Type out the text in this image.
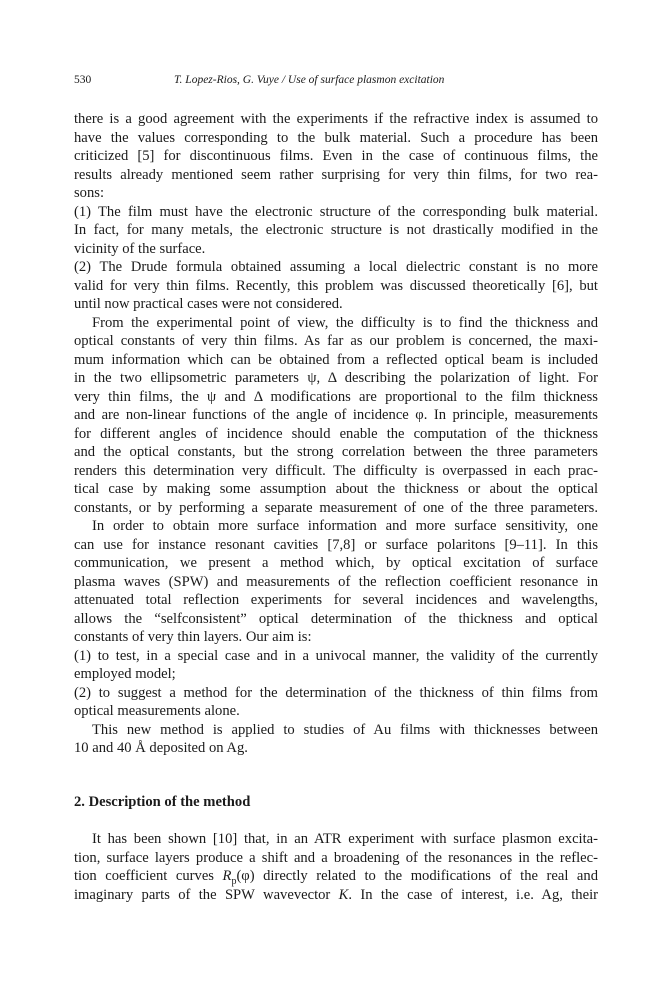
530	T. Lopez-Rios, G. Vuye / Use of surface plasmon excitation
there is a good agreement with the experiments if the refractive index is assumed to
have the values corresponding to the bulk material. Such a procedure has been
criticized [5] for discontinuous films. Even in the case of continuous films, the
results already mentioned seem rather surprising for very thin films, for two rea-
sons:
(1) The film must have the electronic structure of the corresponding bulk material.
In fact, for many metals, the electronic structure is not drastically modified in the
vicinity of the surface.
(2) The Drude formula obtained assuming a local dielectric constant is no more
valid for very thin films. Recently, this problem was discussed theoretically [6], but
until now practical cases were not considered.
From the experimental point of view, the difficulty is to find the thickness and
optical constants of very thin films. As far as our problem is concerned, the maxi-
mum information which can be obtained from a reflected optical beam is included
in the two ellipsometric parameters ψ, Δ describing the polarization of light. For
very thin films, the ψ and Δ modifications are proportional to the film thickness
and are non-linear functions of the angle of incidence φ. In principle, measurements
for different angles of incidence should enable the computation of the thickness
and the optical constants, but the strong correlation between the three parameters
renders this determination very difficult. The difficulty is overpassed in each prac-
tical case by making some assumption about the thickness or about the optical
constants, or by performing a separate measurement of one of the three parameters.
In order to obtain more surface information and more surface sensitivity, one
can use for instance resonant cavities [7,8] or surface polaritons [9–11]. In this
communication, we present a method which, by optical excitation of surface
plasma waves (SPW) and measurements of the reflection coefficient resonance in
attenuated total reflection experiments for several incidences and wavelengths,
allows the “selfconsistent” optical determination of the thickness and optical
constants of very thin layers. Our aim is:
(1) to test, in a special case and in a univocal manner, the validity of the currently
employed model;
(2) to suggest a method for the determination of the thickness of thin films from
optical measurements alone.
This new method is applied to studies of Au films with thicknesses between
10 and 40 Å deposited on Ag.
2. Description of the method
It has been shown [10] that, in an ATR experiment with surface plasmon excita-
tion, surface layers produce a shift and a broadening of the resonances in the reflec-
tion coefficient curves $R_p(\varphi)$ directly related to the modifications of the real and
imaginary parts of the SPW wavevector K. In the case of interest, i.e. Ag, their
